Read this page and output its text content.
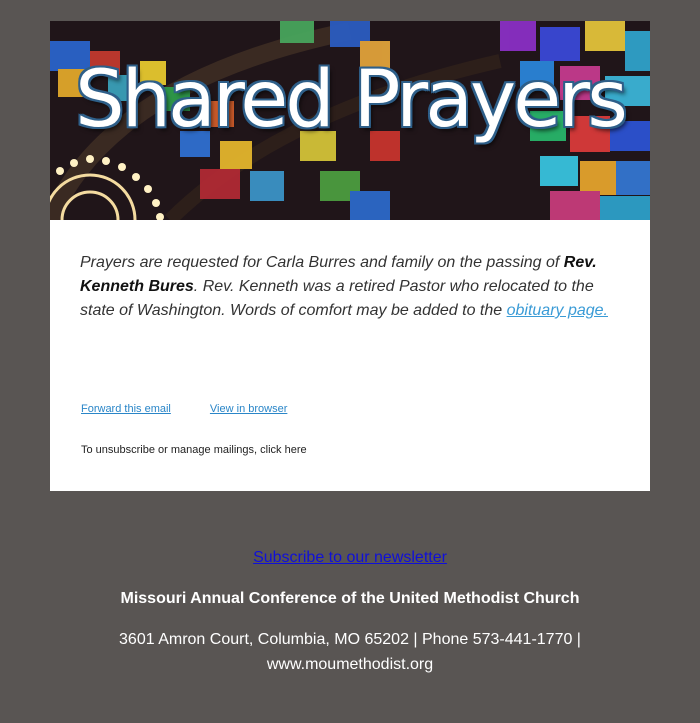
Shared Prayers

Prayers are requested for Carla Burres and family on the passing of Rev. Kenneth Bures. Rev. Kenneth was a retired Pastor who relocated to the state of Washington. Words of comfort may be added to the obituary page.

Forward this email	View in browser
To unsubscribe or manage mailings, click here
Subscribe to our newsletter
Missouri Annual Conference of the United Methodist Church
3601 Amron Court, Columbia, MO 65202 | Phone 573-441-1770 |
www.moumethodist.org
